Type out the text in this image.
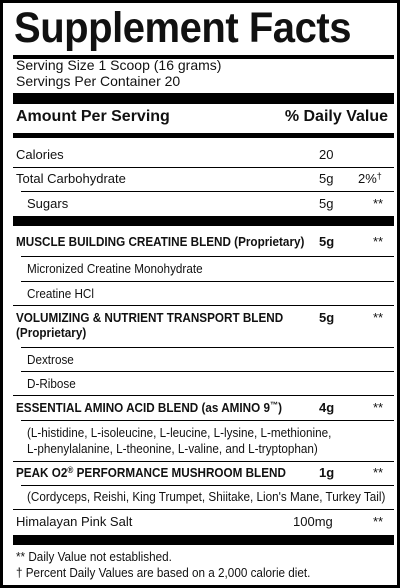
Supplement Facts
Serving Size 1 Scoop (16 grams)
Servings Per Container 20
Amount Per Serving	% Daily Value
Calories	20
Total Carbohydrate	5g 2%†
Sugars	5g	**
MUSCLE BUILDING CREATINE BLEND (Proprietary) 5g	**
Micronized Creatine Monohydrate
Creatine HCl
VOLUMIZING & NUTRIENT TRANSPORT BLEND
(Proprietary)
5g	**
Dextrose
D-Ribose
ESSENTIAL AMINO ACID BLEND (as AMINO 9™)	4g	**
(L-histidine, L-isoleucine, L-leucine, L-lysine, L-methionine,
L-phenylalanine, L-theonine, L-valine, and L-tryptophan)
PEAK O2® PERFORMANCE MUSHROOM BLEND	1g	**
(Cordyceps, Reishi, King Trumpet, Shiitake, Lion's Mane, Turkey Tail)
Himalayan Pink Salt	100mg	**
** Daily Value not established.
† Percent Daily Values are based on a 2,000 calorie diet.
